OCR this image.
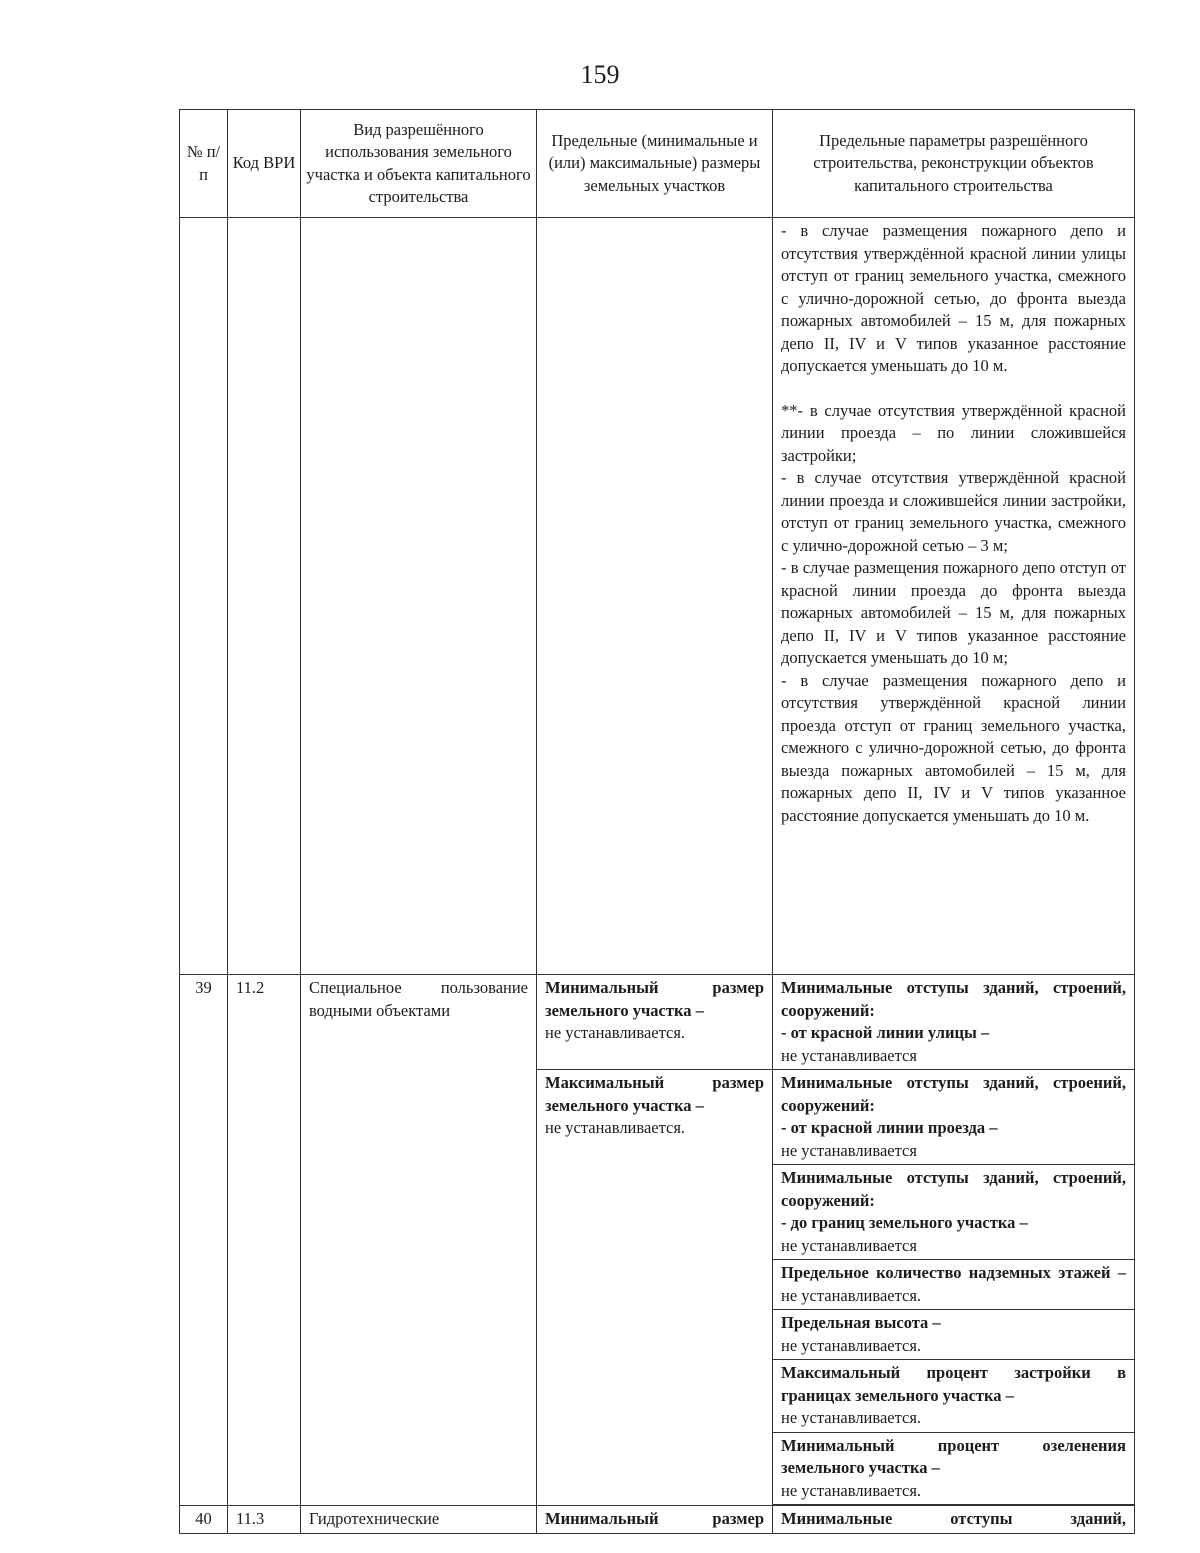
159
№ п/п	Код ВРИ	Вид разрешённого использования земельного участка и объекта капитального строительства	Предельные (минимальные и (или) максимальные) размеры земельных участков	Предельные параметры разрешённого строительства, реконструкции объектов капитального строительства

				- в случае размещения пожарного депо и отсутствия утверждённой красной линии улицы отступ от границ земельного участка, смежного с улично-дорожной сетью, до фронта выезда пожарных автомобилей – 15 м, для пожарных депо II, IV и V типов указанное расстояние допускается уменьшать до 10 м.

**- в случае отсутствия утверждённой красной линии проезда – по линии сложившейся застройки;

- в случае отсутствия утверждённой красной линии проезда и сложившейся линии застройки, отступ от границ земельного участка, смежного с улично-дорожной сетью – 3 м;

- в случае размещения пожарного депо отступ от красной линии проезда до фронта выезда пожарных автомобилей – 15 м, для пожарных депо II, IV и V типов указанное расстояние допускается уменьшать до 10 м;

- в случае размещения пожарного депо и отсутствия утверждённой красной линии проезда отступ от границ земельного участка, смежного с улично-дорожной сетью, до фронта выезда пожарных автомобилей – 15 м, для пожарных депо II, IV и V типов указанное расстояние допускается уменьшать до 10 м.

39	11.2	Специальное пользование водными объектами	Минимальный размер земельного участка –
не устанавливается.	Минимальные отступы зданий, строений, сооружений:
- от красной линии улицы –
не устанавливается

			Максимальный размер земельного участка –
не устанавливается.	Минимальные отступы зданий, строений, сооружений:
- от красной линии проезда –
не устанавливается

				Минимальные отступы зданий, строений, сооружений:
- до границ земельного участка –
не устанавливается

				Предельное количество надземных этажей – не устанавливается.

				Предельная высота –
не устанавливается.

				Максимальный процент застройки в границах земельного участка –
не устанавливается.

				Минимальный процент озеленения земельного участка –
не устанавливается.

40	11.3	Гидротехнические	Минимальный размер	Минимальные отступы зданий,
